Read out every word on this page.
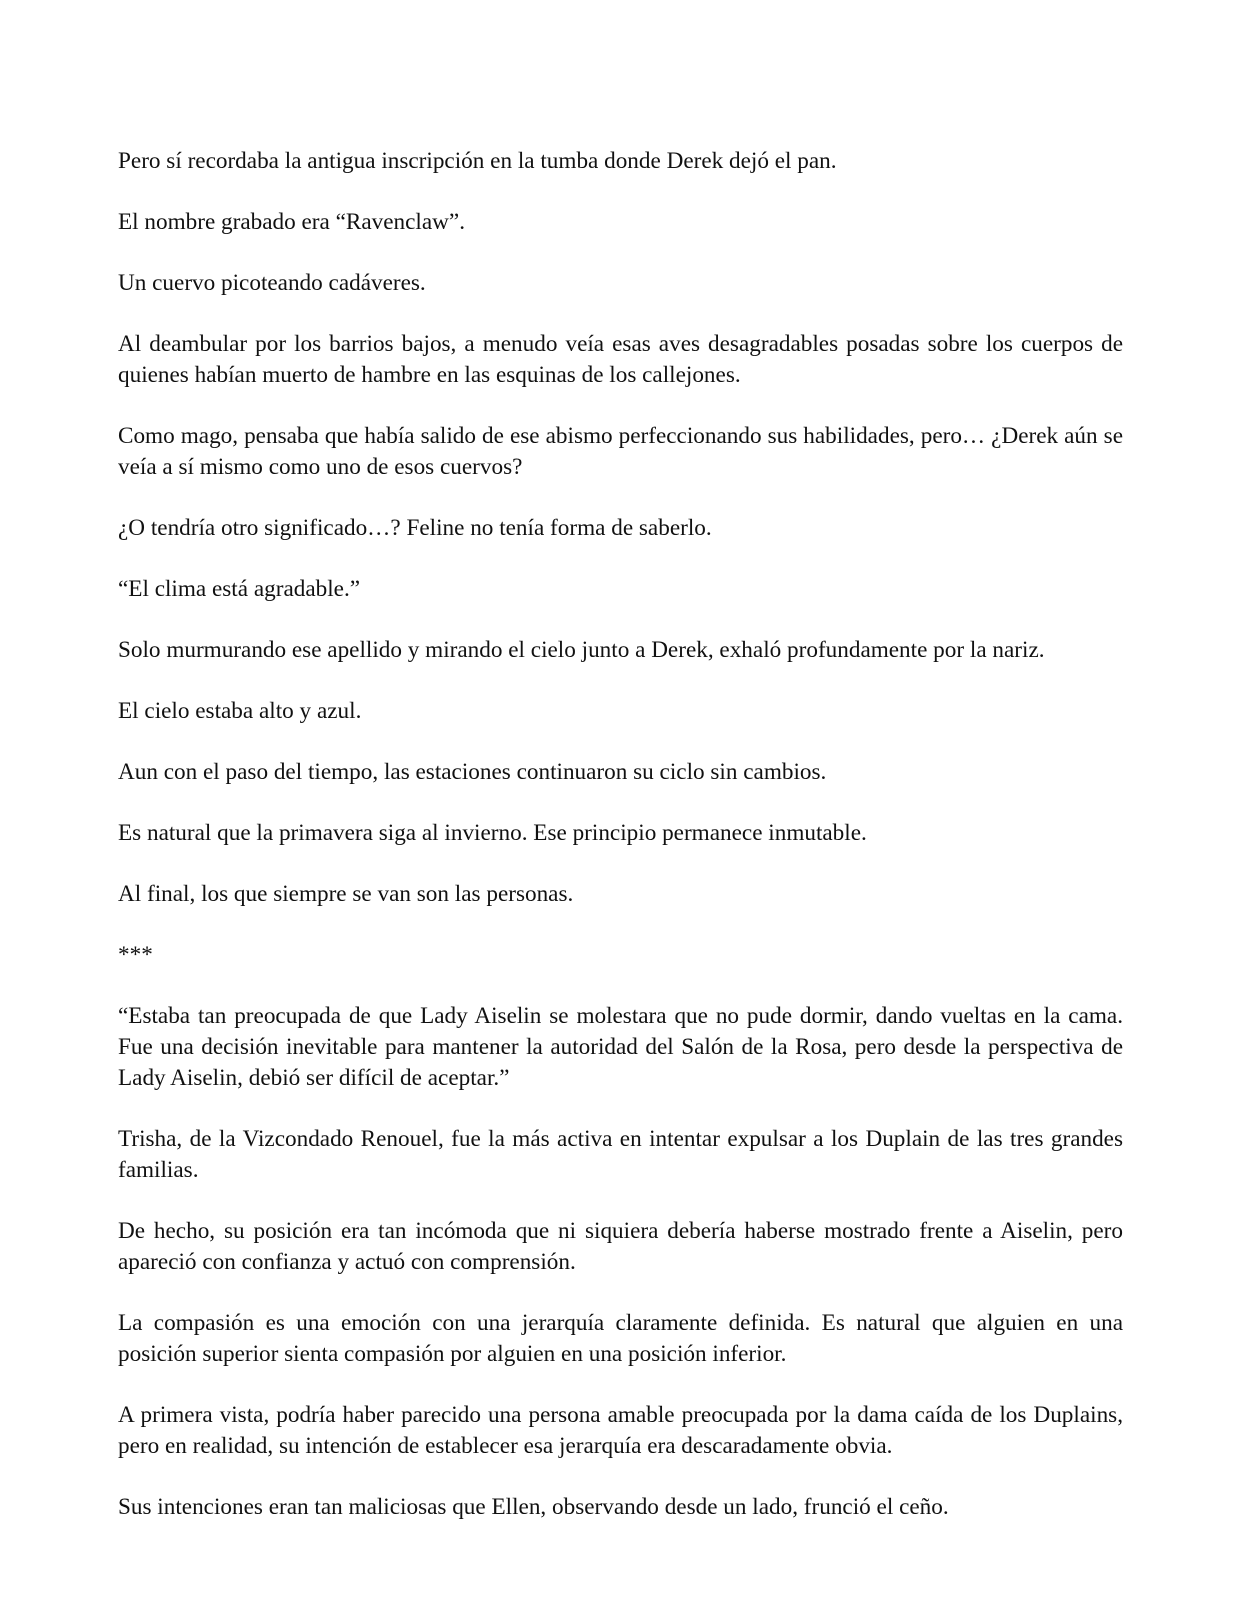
Pero sí recordaba la antigua inscripción en la tumba donde Derek dejó el pan.

El nombre grabado era “Ravenclaw”.

Un cuervo picoteando cadáveres.

Al deambular por los barrios bajos, a menudo veía esas aves desagradables posadas sobre los cuerpos de quienes habían muerto de hambre en las esquinas de los callejones.

Como mago, pensaba que había salido de ese abismo perfeccionando sus habilidades, pero… ¿Derek aún se veía a sí mismo como uno de esos cuervos?

¿O tendría otro significado…? Feline no tenía forma de saberlo.

“El clima está agradable.”

Solo murmurando ese apellido y mirando el cielo junto a Derek, exhaló profundamente por la nariz.

El cielo estaba alto y azul.

Aun con el paso del tiempo, las estaciones continuaron su ciclo sin cambios.

Es natural que la primavera siga al invierno. Ese principio permanece inmutable.

Al final, los que siempre se van son las personas.

***

“Estaba tan preocupada de que Lady Aiselin se molestara que no pude dormir, dando vueltas en la cama. Fue una decisión inevitable para mantener la autoridad del Salón de la Rosa, pero desde la perspectiva de Lady Aiselin, debió ser difícil de aceptar.”

Trisha, de la Vizcondado Renouel, fue la más activa en intentar expulsar a los Duplain de las tres grandes familias.

De hecho, su posición era tan incómoda que ni siquiera debería haberse mostrado frente a Aiselin, pero apareció con confianza y actuó con comprensión.

La compasión es una emoción con una jerarquía claramente definida. Es natural que alguien en una posición superior sienta compasión por alguien en una posición inferior.

A primera vista, podría haber parecido una persona amable preocupada por la dama caída de los Duplains, pero en realidad, su intención de establecer esa jerarquía era descaradamente obvia.

Sus intenciones eran tan maliciosas que Ellen, observando desde un lado, frunció el ceño.
